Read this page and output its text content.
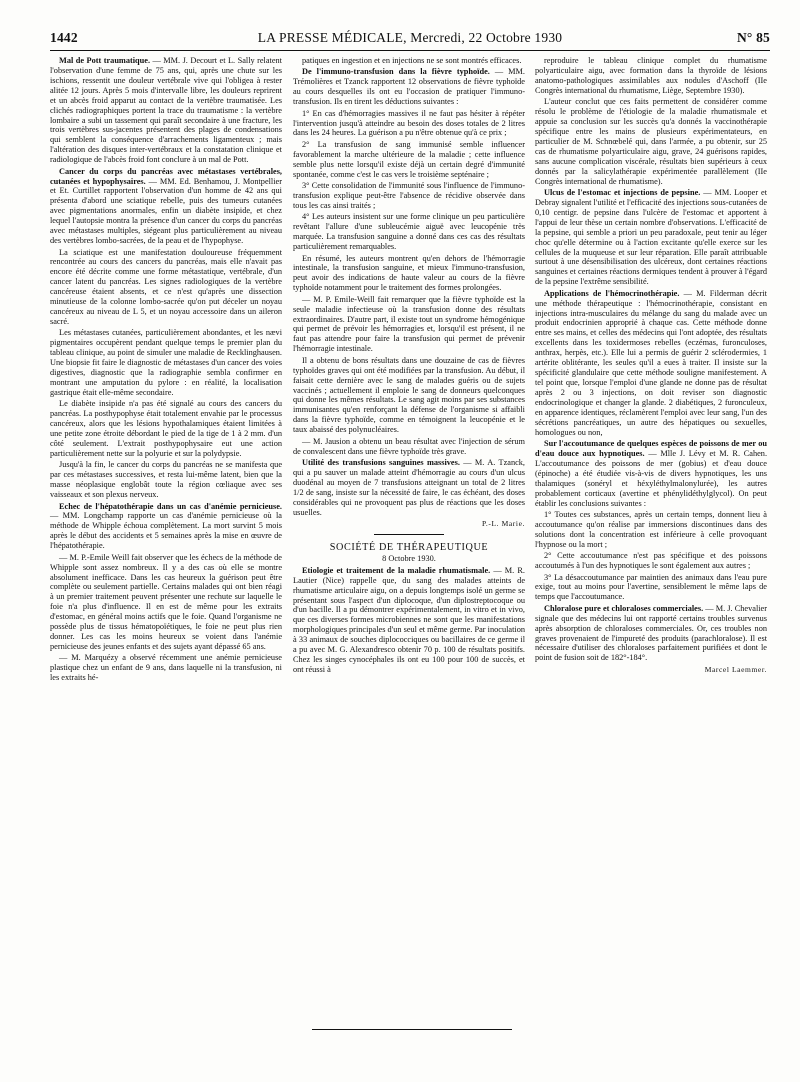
1442	LA PRESSE MÉDICALE, Mercredi, 22 Octobre 1930	N° 85

Mal de Pott traumatique. — MM. J. Decourt et L. Sally relatent l'observation d'une femme de 75 ans, qui, après une chute sur les ischions, ressentit une douleur vertébrale vive qui l'obligea à rester alitée 12 jours. Après 5 mois d'intervalle libre, les douleurs reprirent et un abcès froid apparut au contact de la vertèbre traumatisée. Les clichés radiographiques portent la trace du traumatisme : la vertèbre lombaire a subi un tassement qui paraît secondaire à une fracture, les trois vertèbres sus-jacentes présentent des plages de condensations qui semblent la conséquence d'arrachements ligamenteux ; mais l'altération des disques inter-vertébraux et la constatation clinique et radiologique de l'abcès froid font conclure à un mal de Pott.

Cancer du corps du pancréas avec métastases vertébrales, cutanées et hypophysaires. — MM. Ed. Benhamou, J. Montpellier et Et. Curtillet rapportent l'observation d'un homme de 42 ans qui présenta d'abord une sciatique rebelle, puis des tumeurs cutanées avec pigmentations anormales, enfin un diabète insipide, et chez lequel l'autopsie montra la présence d'un cancer du corps du pancréas avec métastases multiples, siégeant plus particulièrement au niveau des vertèbres lombo-sacrées, de la peau et de l'hypophyse.

La sciatique est une manifestation douloureuse fréquemment rencontrée au cours des cancers du pancréas, mais elle n'avait pas encore été décrite comme une forme métastatique, vertébrale, d'un cancer latent du pancréas. Les signes radiologiques de la vertèbre cancéreuse étaient absents, et ce n'est qu'après une dissection minutieuse de la colonne lombo-sacrée qu'on put déceler un noyau cancéreux au niveau de L 5, et un noyau accessoire dans un aileron sacré.

Les métastases cutanées, particulièrement abondantes, et les nævi pigmentaires occupèrent pendant quelque temps le premier plan du tableau clinique, au point de simuler une maladie de Recklinghausen. Une biopsie fit faire le diagnostic de métastases d'un cancer des voies digestives, diagnostic que la radiographie sembla confirmer en montrant une amputation du pylore : en réalité, la localisation gastrique était elle-même secondaire.

Le diabète insipide n'a pas été signalé au cours des cancers du pancréas. La posthypophyse était totalement envahie par le processus cancéreux, alors que les lésions hypothalamiques étaient limitées à une petite zone étroite débordant le pied de la tige de 1 à 2 mm. d'un côté seulement. L'extrait posthypophysaire eut une action particulièrement nette sur la polyurie et sur la polydypsie.

Jusqu'à la fin, le cancer du corps du pancréas ne se manifesta que par ces métastases successives, et resta lui-même latent, bien que la masse néoplasique englobât toute la région cœliaque avec ses vaisseaux et son plexus nerveux.

Echec de l'hépatothérapie dans un cas d'anémie pernicieuse. — MM. Longchamp rapporte un cas d'anémie pernicieuse où la méthode de Whipple échoua complètement. La mort survint 5 mois après le début des accidents et 5 semaines après la mise en œuvre de l'hépatothérapie.

— M. P.-Emile Weill fait observer que les échecs de la méthode de Whipple sont assez nombreux. Il y a des cas où elle se montre absolument inefficace. Dans les cas heureux la guérison peut être complète ou seulement partielle. Certains malades qui ont bien réagi à un premier traitement peuvent présenter une rechute sur laquelle le foie n'a plus d'influence. Il en est de même pour les extraits d'estomac, en général moins actifs que le foie. Quand l'organisme ne possède plus de tissus hématopoïétiques, le foie ne peut plus rien donner. Les cas les moins heureux se voient dans l'anémie pernicieuse des jeunes enfants et des sujets ayant dépassé 65 ans.

— M. Marquézy a observé récemment une anémie pernicieuse plastique chez un enfant de 9 ans, dans laquelle ni la transfusion, ni les extraits hé-

patiques en ingestion et en injections ne se sont montrés efficaces.

De l'immuno-transfusion dans la fièvre typhoïde. — MM. Trémolières et Tzanck rapportent 12 observations de fièvre typhoïde au cours desquelles ils ont eu l'occasion de pratiquer l'immuno-transfusion. Ils en tirent les déductions suivantes :

1° En cas d'hémorragies massives il ne faut pas hésiter à répéter l'intervention jusqu'à atteindre au besoin des doses totales de 2 litres dans les 24 heures. La guérison a pu n'être obtenue qu'à ce prix ;

2° La transfusion de sang immunisé semble influencer favorablement la marche ultérieure de la maladie ; cette influence semble plus nette lorsqu'il existe déjà un certain degré d'immunité spontanée, comme c'est le cas vers le troisième septénaire ;

3° Cette consolidation de l'immunité sous l'influence de l'immuno-transfusion explique peut-être l'absence de récidive observée dans tous les cas ainsi traités ;

4° Les auteurs insistent sur une forme clinique un peu particulière revêtant l'allure d'une subleucémie aiguë avec leucopénie très marquée. La transfusion sanguine a donné dans ces cas des résultats particulièrement remarquables.

En résumé, les auteurs montrent qu'en dehors de l'hémorragie intestinale, la transfusion sanguine, et mieux l'immuno-transfusion, peut avoir des indications de haute valeur au cours de la fièvre typhoïde notamment pour le traitement des formes prolongées.

— M. P. Emile-Weill fait remarquer que la fièvre typhoïde est la seule maladie infectieuse où la transfusion donne des résultats extraordinaires. D'autre part, il existe tout un syndrome hémogénique qui permet de prévoir les hémorragies et, lorsqu'il est présent, il ne faut pas attendre pour faire la transfusion qui permet de prévenir l'hémorragie intestinale.

Il a obtenu de bons résultats dans une douzaine de cas de fièvres typhoïdes graves qui ont été modifiées par la transfusion. Au début, il faisait cette dernière avec le sang de malades guéris ou de sujets vaccinés ; actuellement il emploie le sang de donneurs quelconques qui donne les mêmes résultats. Le sang agit moins par ses substances immunisantes qu'en renforçant la défense de l'organisme si affaibli dans la fièvre typhoïde, comme en témoignent la leucopénie et le taux abaissé des polynucléaires.

— M. Jausion a obtenu un beau résultat avec l'injection de sérum de convalescent dans une fièvre typhoïde très grave.

Utilité des transfusions sanguines massives. — M. A. Tzanck, qui a pu sauver un malade atteint d'hémorragie au cours d'un ulcus duodénal au moyen de 7 transfusions atteignant un total de 2 litres 1/2 de sang, insiste sur la nécessité de faire, le cas échéant, des doses considérables qui ne provoquent pas plus de réactions que les doses usuelles.

P.-L. Marie.

SOCIÉTÉ DE THÉRAPEUTIQUE

8 Octobre 1930.

Etiologie et traitement de la maladie rhumatismale. — M. R. Lautier (Nice) rappelle que, du sang des malades atteints de rhumatisme articulaire aigu, on a depuis longtemps isolé un germe se présentant sous l'aspect d'un diplocoque, d'un diplostreptocoque ou d'un bacille. Il a pu démontrer expérimentalement, in vitro et in vivo, que ces diverses formes microbiennes ne sont que les manifestations morphologiques principales d'un seul et même germe. Par inoculation à 33 animaux de souches diplococciques ou bacillaires de ce germe il a pu avec M. G. Alexandresco obtenir 70 p. 100 de résultats positifs. Chez les singes cynocéphales ils ont eu 100 pour 100 de succès, et ont réussi à

reproduire le tableau clinique complet du rhumatisme polyarticulaire aigu, avec formation dans la thyroïde de lésions anatomo-pathologiques assimilables aux nodules d'Aschoff (IIe Congrès international du rhumatisme, Liège, Septembre 1930).

L'auteur conclut que ces faits permettent de considérer comme résolu le problème de l'étiologie de la maladie rhumatismale et appuie sa conclusion sur les succès qu'a donnés la vaccinothérapie spécifique entre les mains de plusieurs expérimentateurs, en particulier de M. Schnœbelé qui, dans l'armée, a pu obtenir, sur 25 cas de rhumatisme polyarticulaire aigu, grave, 24 guérisons rapides, sans aucune complication viscérale, résultats bien supérieurs à ceux donnés par la salicylathérapie expérimentée parallèlement (IIe Congrès international de rhumatisme).

Ulcus de l'estomac et injections de pepsine. — MM. Looper et Debray signalent l'utilité et l'efficacité des injections sous-cutanées de 0,10 centigr. de pepsine dans l'ulcère de l'estomac et apportent à l'appui de leur thèse un certain nombre d'observations. L'efficacité de la pepsine, qui semble a priori un peu paradoxale, peut tenir au léger choc qu'elle détermine ou à l'action excitante qu'elle exerce sur les cellules de la muqueuse et sur leur réparation. Elle paraît attribuable surtout à une désensibilisation des ulcéreux, dont certaines réactions sanguines et certaines réactions dermiques tendent à prouver à l'égard de la pepsine l'extrême sensibilité.

Applications de l'hémocrinothérapie. — M. Filderman décrit une méthode thérapeutique : l'hémocrinothérapie, consistant en injections intra-musculaires du mélange du sang du malade avec un produit endocrinien approprié à chaque cas. Cette méthode donne entre ses mains, et celles des médecins qui l'ont adoptée, des résultats excellents dans les toxidermoses rebelles (eczémas, furonculoses, anthrax, herpès, etc.). Elle lui a permis de guérir 2 sclérodermies, 1 artérite oblitérante, les seules qu'il a eues à traiter. Il insiste sur la spécificité glandulaire que cette méthode souligne manifestement. A tel point que, lorsque l'emploi d'une glande ne donne pas de résultat après 2 ou 3 injections, on doit reviser son diagnostic endocrinologique et changer la glande. 2 diabétiques, 2 furonculeux, en apparence identiques, réclamèrent l'emploi avec leur sang, l'un des sécrétions pancréatiques, un autre des hépatiques ou sexuelles, homologues ou non,

Sur l'accoutumance de quelques espèces de poissons de mer ou d'eau douce aux hypnotiques. — Mlle J. Lévy et M. R. Cahen. L'accoutumance des poissons de mer (gobius) et d'eau douce (épinoche) a été étudiée vis-à-vis de divers hypnotiques, les uns thalamiques (sonéryl et héxyléthylmalonylurée), les autres probablement corticaux (avertine et phénylidéthylglycol). On peut établir les conclusions suivantes :

1° Toutes ces substances, après un certain temps, donnent lieu à accoutumance qu'on réalise par immersions discontinues dans des solutions dont la concentration est inférieure à celle provoquant l'hypnose ou la mort ;

2° Cette accoutumance n'est pas spécifique et des poissons accoutumés à l'un des hypnotiques le sont également aux autres ;

3° La désaccoutumance par maintien des animaux dans l'eau pure exige, tout au moins pour l'avertine, sensiblement le même laps de temps que l'accoutumance.

Chloralose pure et chloraloses commerciales. — M. J. Chevalier signale que des médecins lui ont rapporté certains troubles survenus après absorption de chloraloses commerciales. Or, ces troubles non graves provenaient de l'impureté des produits (parachloralose). Il est nécessaire d'utiliser des chloraloses parfaitement purifiées et dont le point de fusion soit de 182°-184°.

Marcel Laemmer.
